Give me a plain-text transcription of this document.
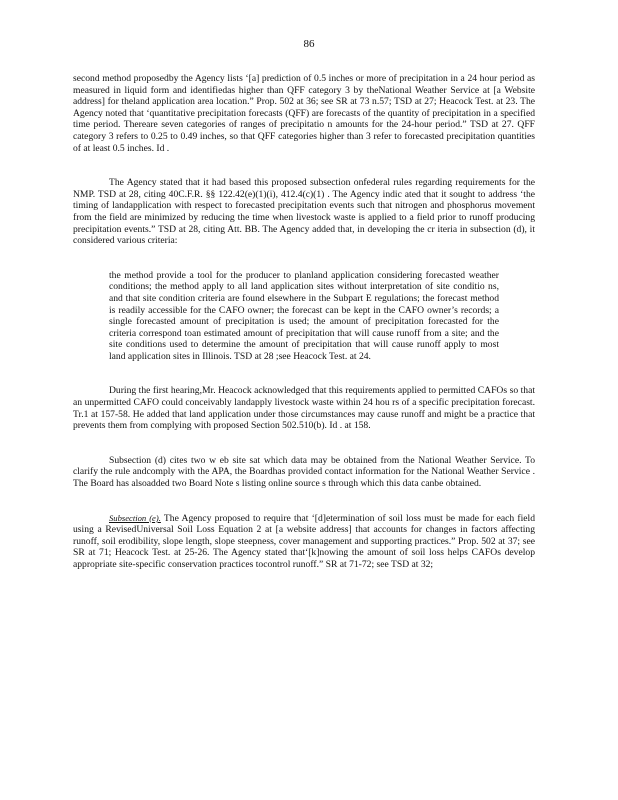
86

second method proposedby the Agency lists ‘[a] prediction of 0.5 inches or more of precipitation in a 24 hour period as measured in liquid form and identifiedas higher than QFF category 3 by theNational Weather Service at [a Website address] for theland application area location.” Prop. 502 at 36; see SR at 73 n.57; TSD at 27; Heacock Test. at 23. The Agency noted that ‘quantitative precipitation forecasts (QFF) are forecasts of the quantity of precipitation in a specified time period. Thereare seven categories of ranges of precipitatio n amounts for the 24-hour period.” TSD at 27. QFF category 3 refers to 0.25 to 0.49 inches, so that QFF categories higher than 3 refer to forecasted precipitation quantities of at least 0.5 inches. Id .

The Agency stated that it had based this proposed subsection onfederal rules regarding requirements for the NMP. TSD at 28, citing 40C.F.R. §§ 122.42(e)(1)(i), 412.4(c)(1) . The Agency indic ated that it sought to address ‘the timing of landapplication with respect to forecasted precipitation events such that nitrogen and phosphorus movement from the field are minimized by reducing the time when livestock waste is applied to a field prior to runoff producing precipitation events.” TSD at 28, citing Att. BB. The Agency added that, in developing the cr iteria in subsection (d), it considered various criteria:

the method provide a tool for the producer to planland application considering forecasted weather conditions; the method apply to all land application sites without interpretation of site conditio ns, and that site condition criteria are found elsewhere in the Subpart E regulations; the forecast method is readily accessible for the CAFO owner; the forecast can be kept in the CAFO owner’s records; a single forecasted amount of precipitation is used; the amount of precipitation forecasted for the criteria correspond toan estimated amount of precipitation that will cause runoff from a site; and the site conditions used to determine the amount of precipitation that will cause runoff apply to most land application sites in Illinois. TSD at 28 ;see Heacock Test. at 24.

During the first hearing,Mr. Heacock acknowledged that this requirements applied to permitted CAFOs so that an unpermitted CAFO could conceivably landapply livestock waste within 24 hou rs of a specific precipitation forecast. Tr.1 at 157-58. He added that land application under those circumstances may cause runoff and might be a practice that prevents them from complying with proposed Section 502.510(b). Id . at 158.

Subsection (d) cites two w eb site sat which data may be obtained from the National Weather Service. To clarify the rule andcomply with the APA, the Boardhas provided contact information for the National Weather Service . The Board has alsoadded two Board Note s listing online source s through which this data canbe obtained.

Subsection (e). The Agency proposed to require that ‘[d]etermination of soil loss must be made for each field using a RevisedUniversal Soil Loss Equation 2 at [a website address] that accounts for changes in factors affecting runoff, soil erodibility, slope length, slope steepness, cover management and supporting practices.” Prop. 502 at 37; see SR at 71; Heacock Test. at 25-26. The Agency stated that‘[k]nowing the amount of soil loss helps CAFOs develop appropriate site-specific conservation practices tocontrol runoff.” SR at 71-72; see TSD at 32;
